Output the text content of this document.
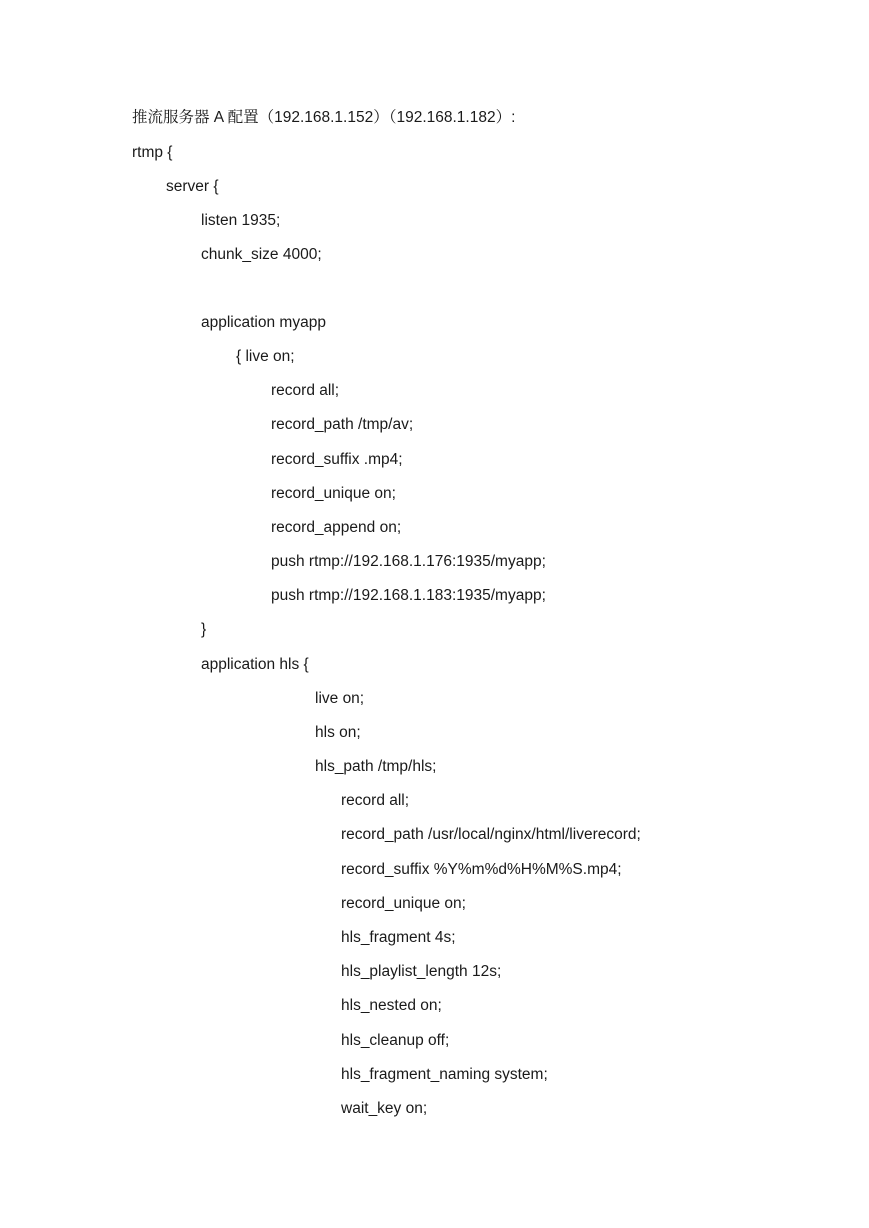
推流服务器 A 配置（192.168.1.152）（192.168.1.182）:
rtmp {
server {
listen 1935;
chunk_size 4000;
application myapp
{ live on;
record all;
record_path /tmp/av;
record_suffix .mp4;
record_unique on;
record_append on;
push rtmp://192.168.1.176:1935/myapp;
push rtmp://192.168.1.183:1935/myapp;
}
application hls {
live on;
hls on;
hls_path /tmp/hls;
record all;
record_path /usr/local/nginx/html/liverecord;
record_suffix %Y%m%d%H%M%S.mp4;
record_unique on;
hls_fragment 4s;
hls_playlist_length 12s;
hls_nested on;
hls_cleanup off;
hls_fragment_naming system;
wait_key on;
